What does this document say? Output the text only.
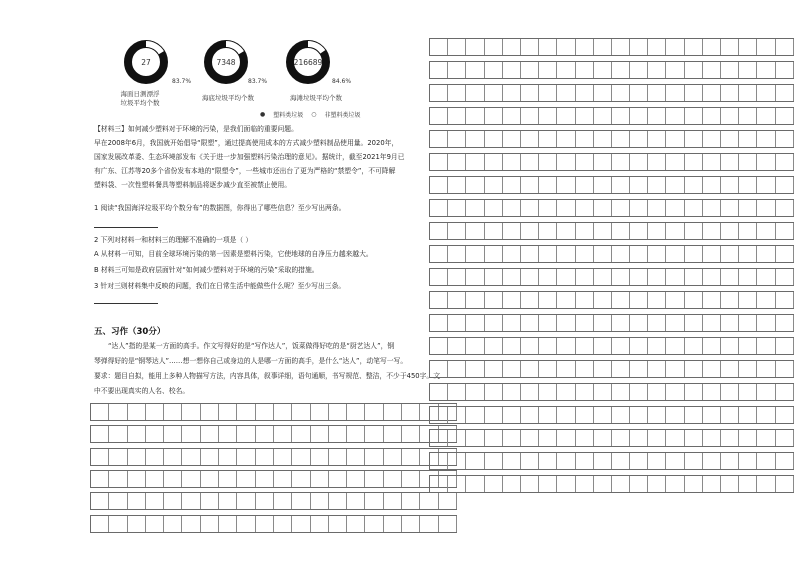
27
83.7%
海面日测漂浮
垃圾平均个数
7348
83.7%
海底垃圾平均个数
216689
84.6%
海滩垃圾平均个数
● 塑料类垃圾 ○ 非塑料类垃圾
【材料三】如何减少塑料对于环境的污染，是我们面临的重要问题。
早在2008年6月，我国就开始倡导“限塑”，通过提高使用成本的方式减少塑料制品使用量。2020年，
国家发展改革委、生态环境部发布《关于进一步加强塑料污染治理的意见》。据统计，截至2021年9月已
有广东、江苏等20多个省份发布本地的“限塑令”，一些城市还出台了更为严格的“禁塑令”，不可降解
塑料袋、一次性塑料餐具等塑料制品将逐步减少直至被禁止使用。
1 阅读“我国海洋垃圾平均个数分布”的数据图，你得出了哪些信息？至少写出两条。
2 下列对材料一和材料三的理解不准确的一项是（ ）
A 从材料一可知，目前全球环境污染的第一因素是塑料污染，它使地球的自净压力越来越大。
B 材料三可知是政府层面针对“如何减少塑料对于环境的污染”采取的措施。
3 针对三则材料集中反映的问题，我们在日常生活中能做些什么呢？至少写出三条。
五、习作（30分）
“达人”指的是某一方面的高手。作文写得好的是“写作达人”，饭菜做得好吃的是“厨艺达人”，钢
琴弹得好的是“钢琴达人”……想一想你自己或身边的人是哪一方面的高手，是什么“达人”，动笔写一写。
要求：题目自拟，能用上多种人物描写方法，内容具体，叙事详细，语句通顺，书写规范、整洁，不少于450字。文
中不要出现真实的人名、校名。
